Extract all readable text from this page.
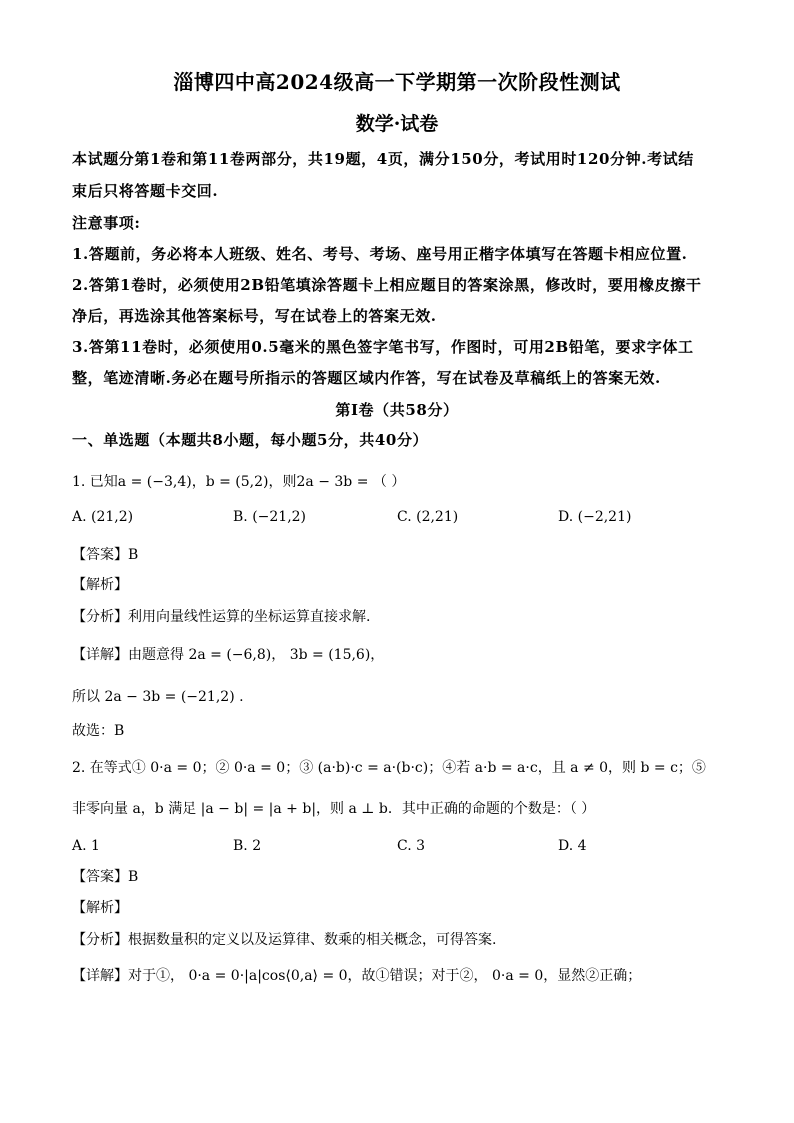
淄博四中高2024级高一下学期第一次阶段性测试
数学·试卷
本试题分第1卷和第11卷两部分，共19题，4页，满分150分，考试用时120分钟.考试结
束后只将答题卡交回.
注意事项:
1.答题前，务必将本人班级、姓名、考号、考场、座号用正楷字体填写在答题卡相应位置.
2.答第1卷时，必须使用2B铅笔填涂答题卡上相应题目的答案涂黑，修改时，要用橡皮擦干
净后，再选涂其他答案标号，写在试卷上的答案无效.
3.答第11卷时，必须使用0.5毫米的黑色签字笔书写，作图时，可用2B铅笔，要求字体工
整，笔迹清晰.务必在题号所指示的答题区域内作答，写在试卷及草稿纸上的答案无效.
第Ⅰ卷（共58分）
一、单选题（本题共8小题，每小题5分，共40分）
1. 已知a = (−3,4)，b = (5,2)，则2a − 3b = （ ）
A. (21,2)	B. (−21,2)	C. (2,21)	D. (−2,21)
【答案】B
【解析】
【分析】利用向量线性运算的坐标运算直接求解.
【详解】由题意得 2a = (−6,8)， 3b = (15,6)，
所以 2a − 3b = (−21,2) .
故选：B
2. 在等式① 0·a = 0；② 0·a = 0；③ (a·b)·c = a·(b·c)；④若 a·b = a·c，且 a ≠ 0，则 b = c；⑤
非零向量 a，b 满足 |a − b| = |a + b|，则 a ⊥ b．其中正确的命题的个数是：（ ）
A. 1	B. 2	C. 3	D. 4
【答案】B
【解析】
【分析】根据数量积的定义以及运算律、数乘的相关概念，可得答案.
【详解】对于①， 0·a = 0·|a|cos⟨0,a⟩ = 0，故①错误；对于②， 0·a = 0，显然②正确；
